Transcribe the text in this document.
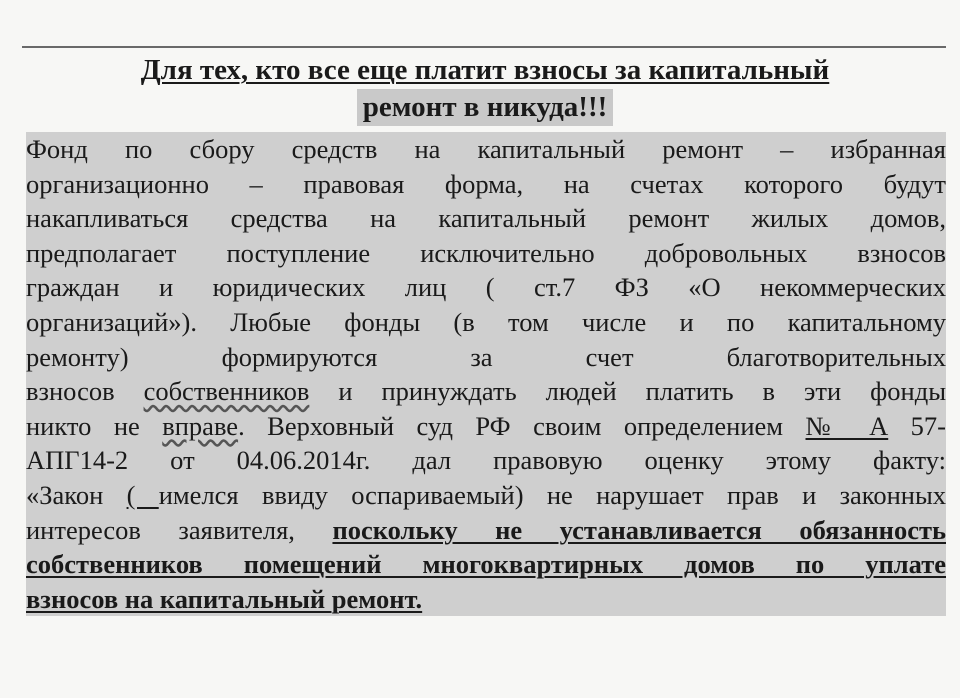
Для тех, кто все еще платит взносы за капитальный
ремонт в никуда!!!
Фонд по сбору средств на капитальный ремонт – избранная
организационно – правовая форма, на счетах которого будут
накапливаться средства на капитальный ремонт жилых домов,
предполагает поступление исключительно добровольных взносов
граждан и юридических лиц ( ст.7 ФЗ «О некоммерческих
организаций»). Любые фонды (в том числе и по капитальному
ремонту) формируются за счет благотворительных
взносов собственников и принуждать людей платить в эти фонды
никто не вправе. Верховный суд РФ своим определением № А 57-
АПГ14-2 от 04.06.2014г. дал правовую оценку этому факту:
«Закон ( имелся ввиду оспариваемый) не нарушает прав и законных
интересов заявителя, поскольку не устанавливается обязанность
собственников помещений многоквартирных домов по уплате
взносов на капитальный ремонт.
